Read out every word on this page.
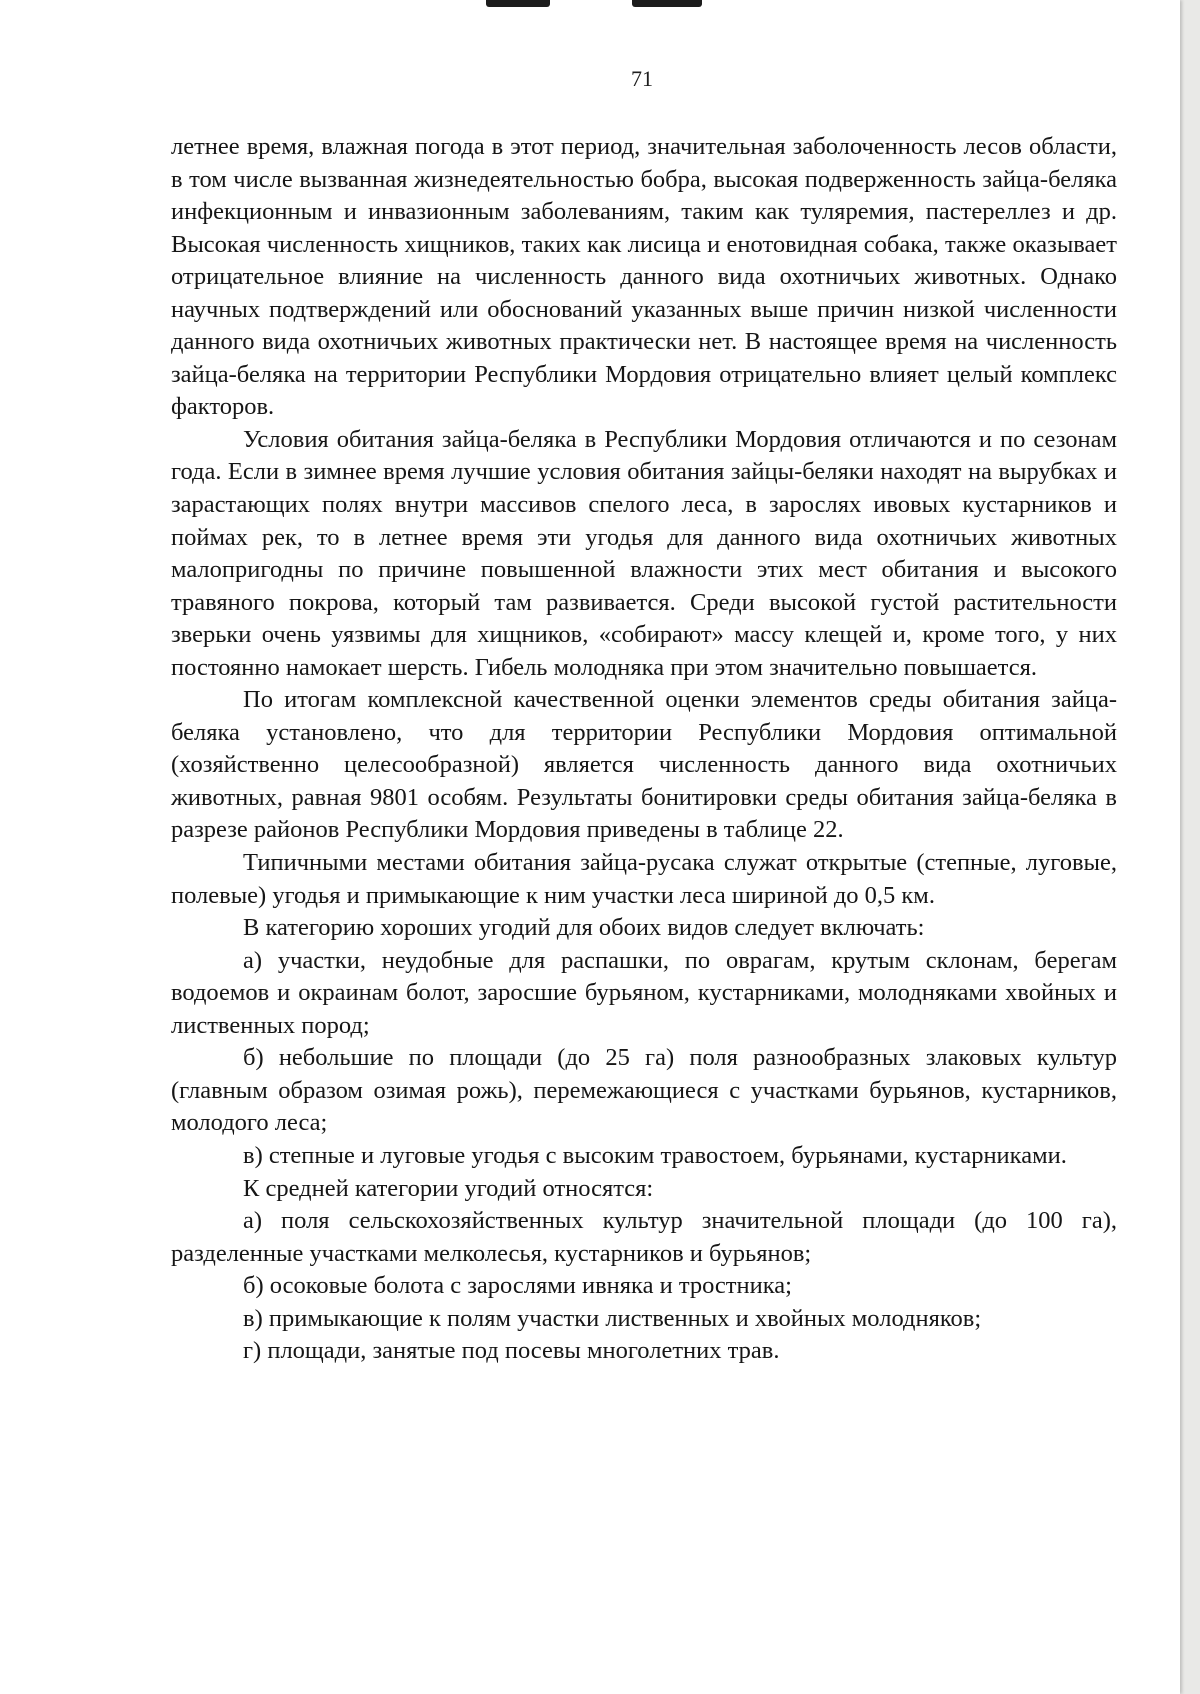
71

летнее время, влажная погода в этот период, значительная заболоченность лесов области, в том числе вызванная жизнедеятельностью бобра, высокая подверженность зайца-беляка инфекционным и инвазионным заболеваниям, таким как туляремия, пастереллез и др. Высокая численность хищников, таких как лисица и енотовидная собака, также оказывает отрицательное влияние на численность данного вида охотничьих животных. Однако научных подтверждений или обоснований указанных выше причин низкой численности данного вида охотничьих животных практически нет. В настоящее время на численность зайца-беляка на территории Республики Мордовия отрицательно влияет целый комплекс факторов.

Условия обитания зайца-беляка в Республики Мордовия отличаются и по сезонам года. Если в зимнее время лучшие условия обитания зайцы-беляки находят на вырубках и зарастающих полях внутри массивов спелого леса, в зарослях ивовых кустарников и поймах рек, то в летнее время эти угодья для данного вида охотничьих животных малопригодны по причине повышенной влажности этих мест обитания и высокого травяного покрова, который там развивается. Среди высокой густой растительности зверьки очень уязвимы для хищников, «собирают» массу клещей и, кроме того, у них постоянно намокает шерсть. Гибель молодняка при этом значительно повышается.

По итогам комплексной качественной оценки элементов среды обитания зайца-беляка установлено, что для территории Республики Мордовия оптимальной (хозяйственно целесообразной) является численность данного вида охотничьих животных, равная 9801 особям. Результаты бонитировки среды обитания зайца-беляка в разрезе районов Республики Мордовия приведены в таблице 22.

Типичными местами обитания зайца-русака служат открытые (степные, луговые, полевые) угодья и примыкающие к ним участки леса шириной до 0,5 км.

В категорию хороших угодий для обоих видов следует включать:

а) участки, неудобные для распашки, по оврагам, крутым склонам, берегам водоемов и окраинам болот, заросшие бурьяном, кустарниками, молодняками хвойных и лиственных пород;

б) небольшие по площади (до 25 га) поля разнообразных злаковых культур (главным образом озимая рожь), перемежающиеся с участками бурьянов, кустарников, молодого леса;

в) степные и луговые угодья с высоким травостоем, бурьянами, кустарниками.

К средней категории угодий относятся:

а) поля сельскохозяйственных культур значительной площади (до 100 га), разделенные участками мелколесья, кустарников и бурьянов;

б) осоковые болота с зарослями ивняка и тростника;

в) примыкающие к полям участки лиственных и хвойных молодняков;

г) площади, занятые под посевы многолетних трав.
